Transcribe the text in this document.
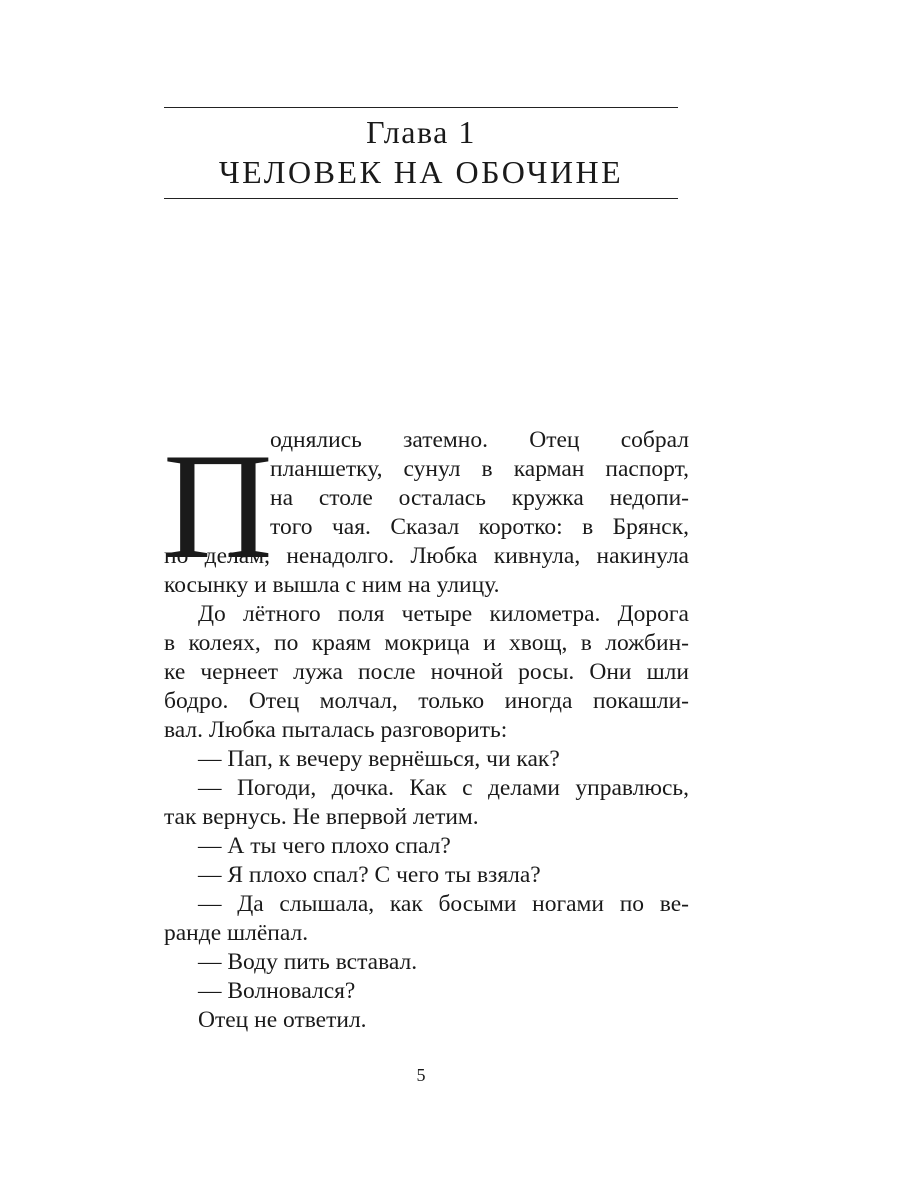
Глава 1
ЧЕЛОВЕК НА ОБОЧИНЕ
П
однялись затемно. Отец собрал
планшетку, сунул в карман паспорт,
на столе осталась кружка недопи-
того чая. Сказал коротко: в Брянск,
по делам, ненадолго. Любка кивнула, накинула
косынку и вышла с ним на улицу.
До лётного поля четыре километра. Дорога
в колеях, по краям мокрица и хвощ, в ложбин-
ке чернеет лужа после ночной росы. Они шли
бодро. Отец молчал, только иногда покашли-
вал. Любка пыталась разговорить:
— Пап, к вечеру вернёшься, чи как?
— Погоди, дочка. Как с делами управлюсь,
так вернусь. Не впервой летим.
— А ты чего плохо спал?
— Я плохо спал? С чего ты взяла?
— Да слышала, как босыми ногами по ве-
ранде шлёпал.
— Воду пить вставал.
— Волновался?
Отец не ответил.
5
